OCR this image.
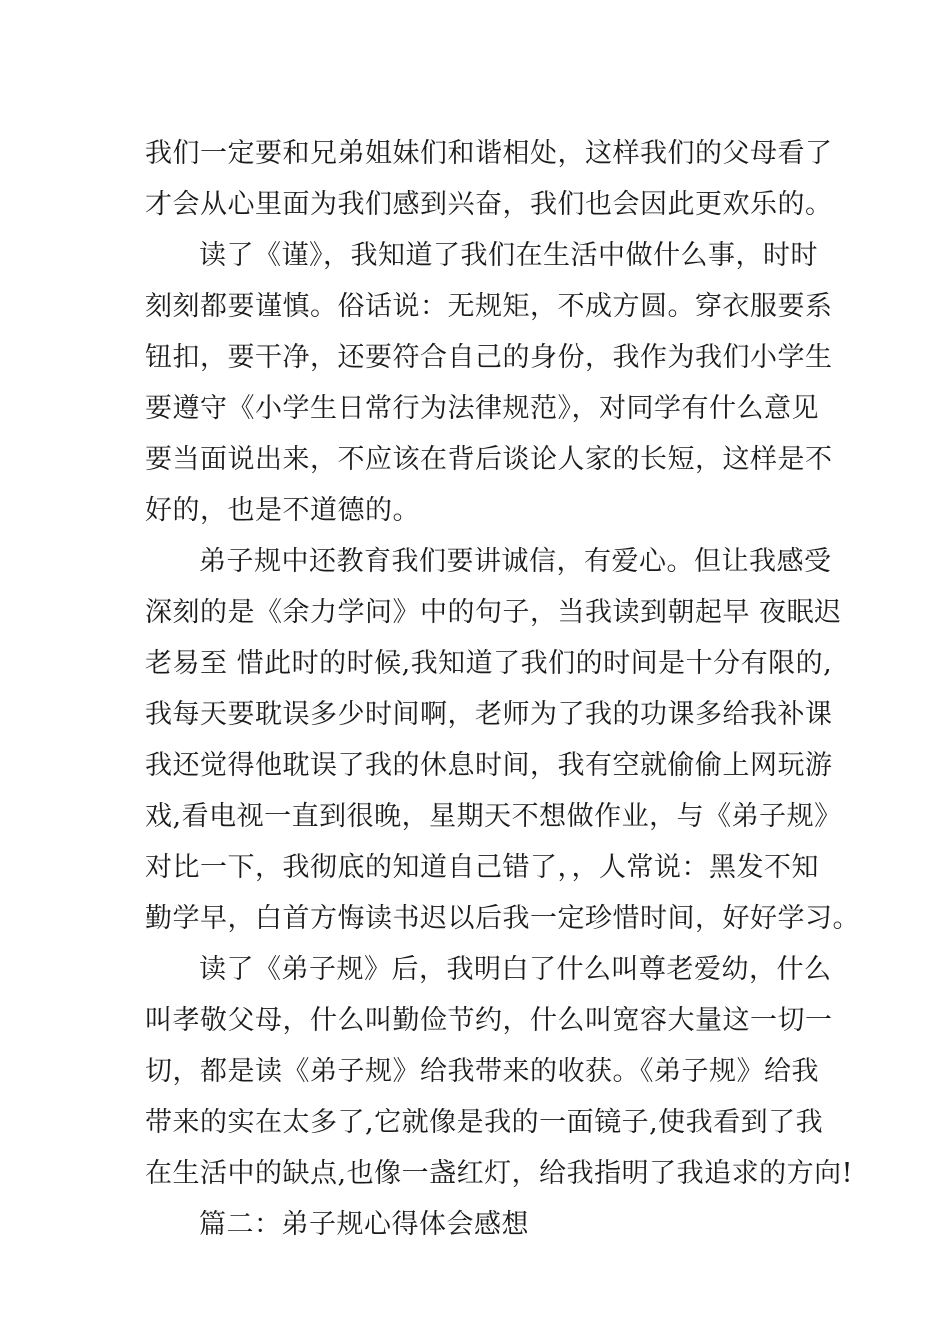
我们一定要和兄弟姐妹们和谐相处，这样我们的父母看了
才会从心里面为我们感到兴奋，我们也会因此更欢乐的。
读了《谨》，我知道了我们在生活中做什么事，时时
刻刻都要谨慎。俗话说：无规矩，不成方圆。穿衣服要系
钮扣，要干净，还要符合自己的身份，我作为我们小学生
要遵守《小学生日常行为法律规范》，对同学有什么意见
要当面说出来，不应该在背后谈论人家的长短，这样是不
好的，也是不道德的。
弟子规中还教育我们要讲诚信，有爱心。但让我感受
深刻的是《余力学问》中的句子，当我读到朝起早 夜眠迟
老易至 惜此时的时候,我知道了我们的时间是十分有限的,
我每天要耽误多少时间啊，老师为了我的功课多给我补课
我还觉得他耽误了我的休息时间，我有空就偷偷上网玩游
戏,看电视一直到很晚，星期天不想做作业，与《弟子规》
对比一下，我彻底的知道自己错了，，人常说：黑发不知
勤学早，白首方悔读书迟以后我一定珍惜时间，好好学习。
读了《弟子规》后，我明白了什么叫尊老爱幼，什么
叫孝敬父母，什么叫勤俭节约，什么叫宽容大量这一切一
切，都是读《弟子规》给我带来的收获。《弟子规》给我
带来的实在太多了,它就像是我的一面镜子,使我看到了我
在生活中的缺点,也像一盏红灯，给我指明了我追求的方向!
篇二：弟子规心得体会感想
